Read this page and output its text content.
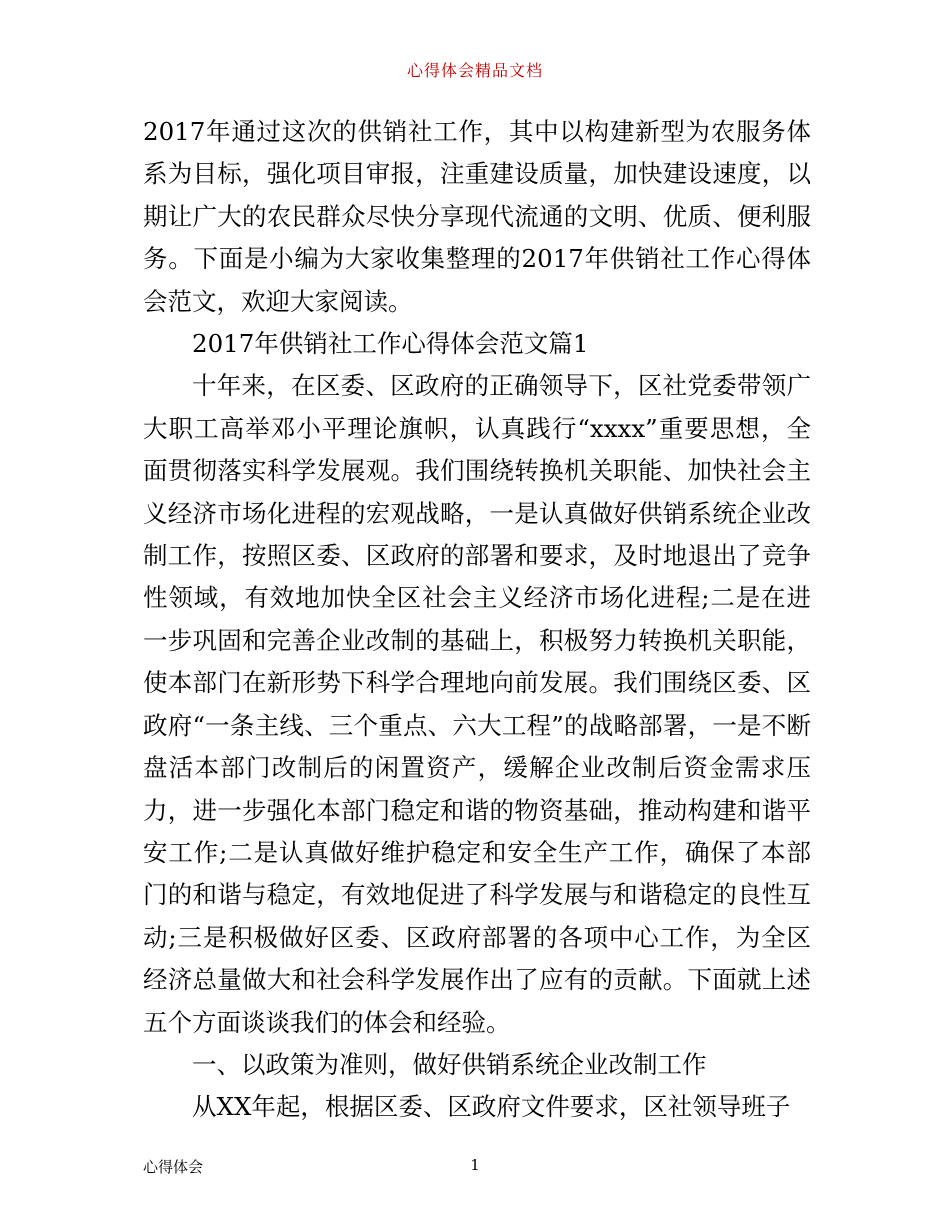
心得体会精品文档

2017年通过这次的供销社工作，其中以构建新型为农服务体系为目标，强化项目审报，注重建设质量，加快建设速度，以期让广大的农民群众尽快分享现代流通的文明、优质、便利服务。下面是小编为大家收集整理的2017年供销社工作心得体会范文，欢迎大家阅读。

2017年供销社工作心得体会范文篇1

十年来，在区委、区政府的正确领导下，区社党委带领广大职工高举邓小平理论旗帜，认真践行“xxxx”重要思想，全面贯彻落实科学发展观。我们围绕转换机关职能、加快社会主义经济市场化进程的宏观战略，一是认真做好供销系统企业改制工作，按照区委、区政府的部署和要求，及时地退出了竞争性领域，有效地加快全区社会主义经济市场化进程;二是在进一步巩固和完善企业改制的基础上，积极努力转换机关职能，使本部门在新形势下科学合理地向前发展。我们围绕区委、区政府“一条主线、三个重点、六大工程”的战略部署，一是不断盘活本部门改制后的闲置资产，缓解企业改制后资金需求压力，进一步强化本部门稳定和谐的物资基础，推动构建和谐平安工作;二是认真做好维护稳定和安全生产工作，确保了本部门的和谐与稳定，有效地促进了科学发展与和谐稳定的良性互动;三是积极做好区委、区政府部署的各项中心工作，为全区经济总量做大和社会科学发展作出了应有的贡献。下面就上述五个方面谈谈我们的体会和经验。

一、以政策为准则，做好供销系统企业改制工作

从XX年起，根据区委、区政府文件要求，区社领导班子

心得体会	1
